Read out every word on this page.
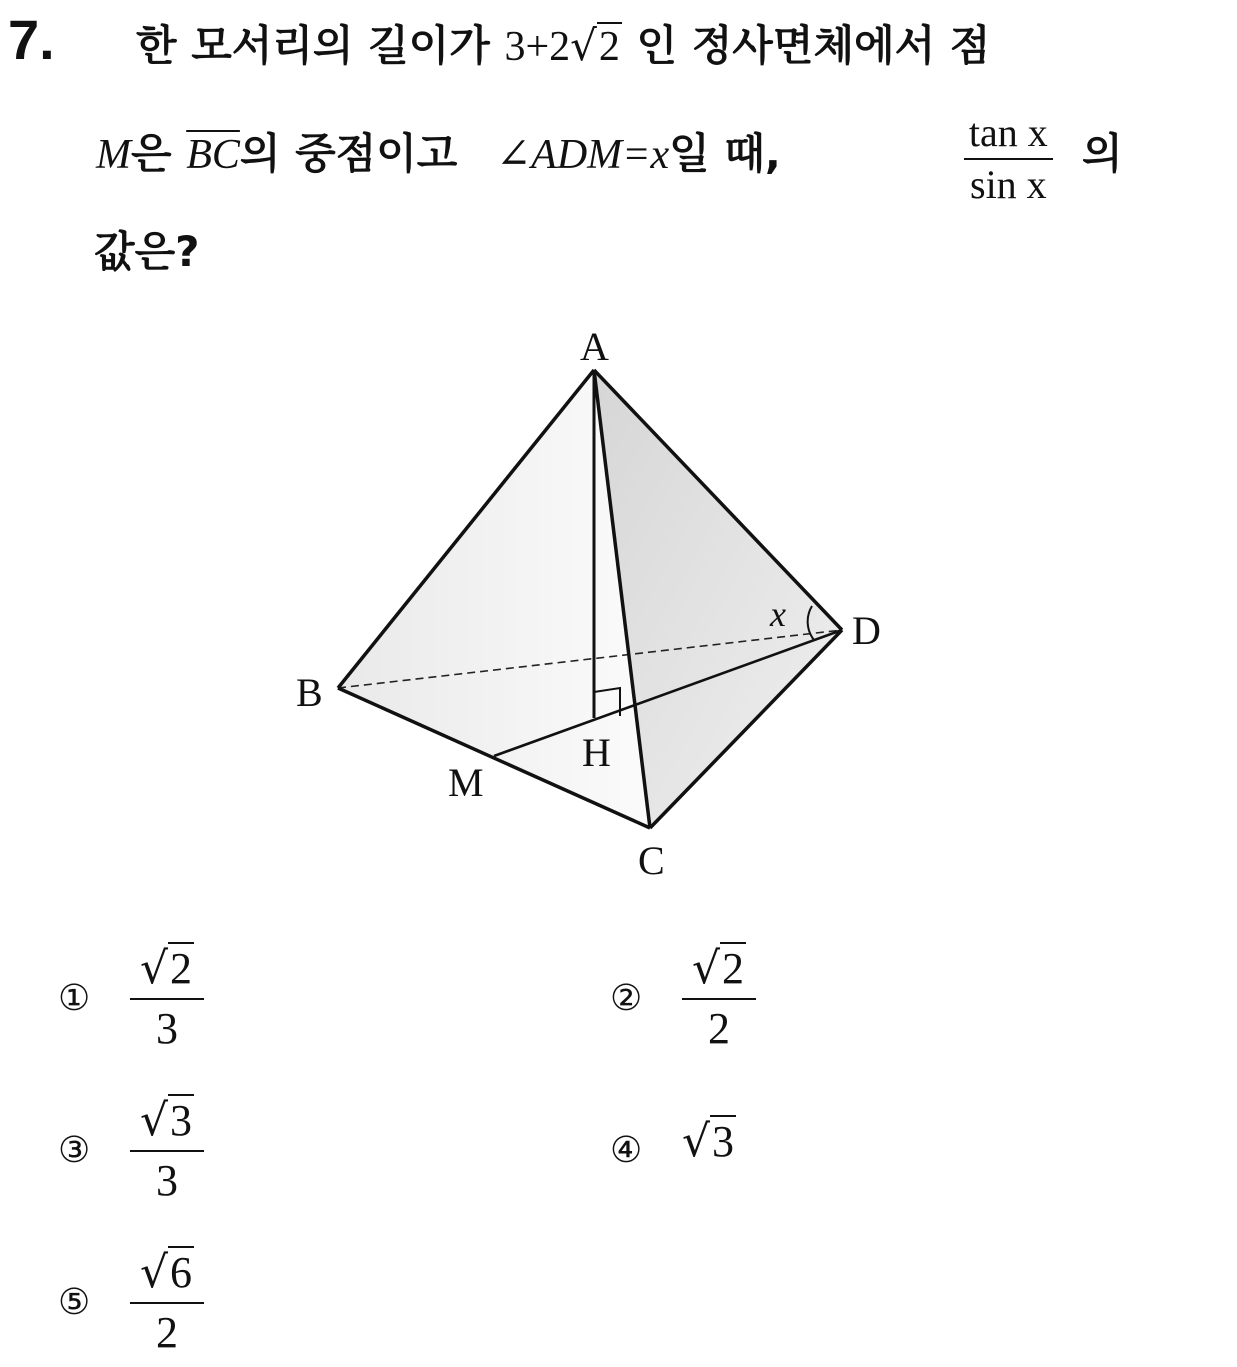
7. 한 모서리의 길이가 3+2√2 인 정사면체에서 점
M은 $\overline{BC}$의 중점이고 ∠ADM=x일 때,	$\frac{\text{tan x}}{\text{sin x}}$ 의
값은?
A
B
C
D
M
H
x
① $\frac{√2}{3}$	② $\frac{√2}{2}$
③ $\frac{√3}{3}$	④ √3
⑤ $\frac{√6}{2}$
